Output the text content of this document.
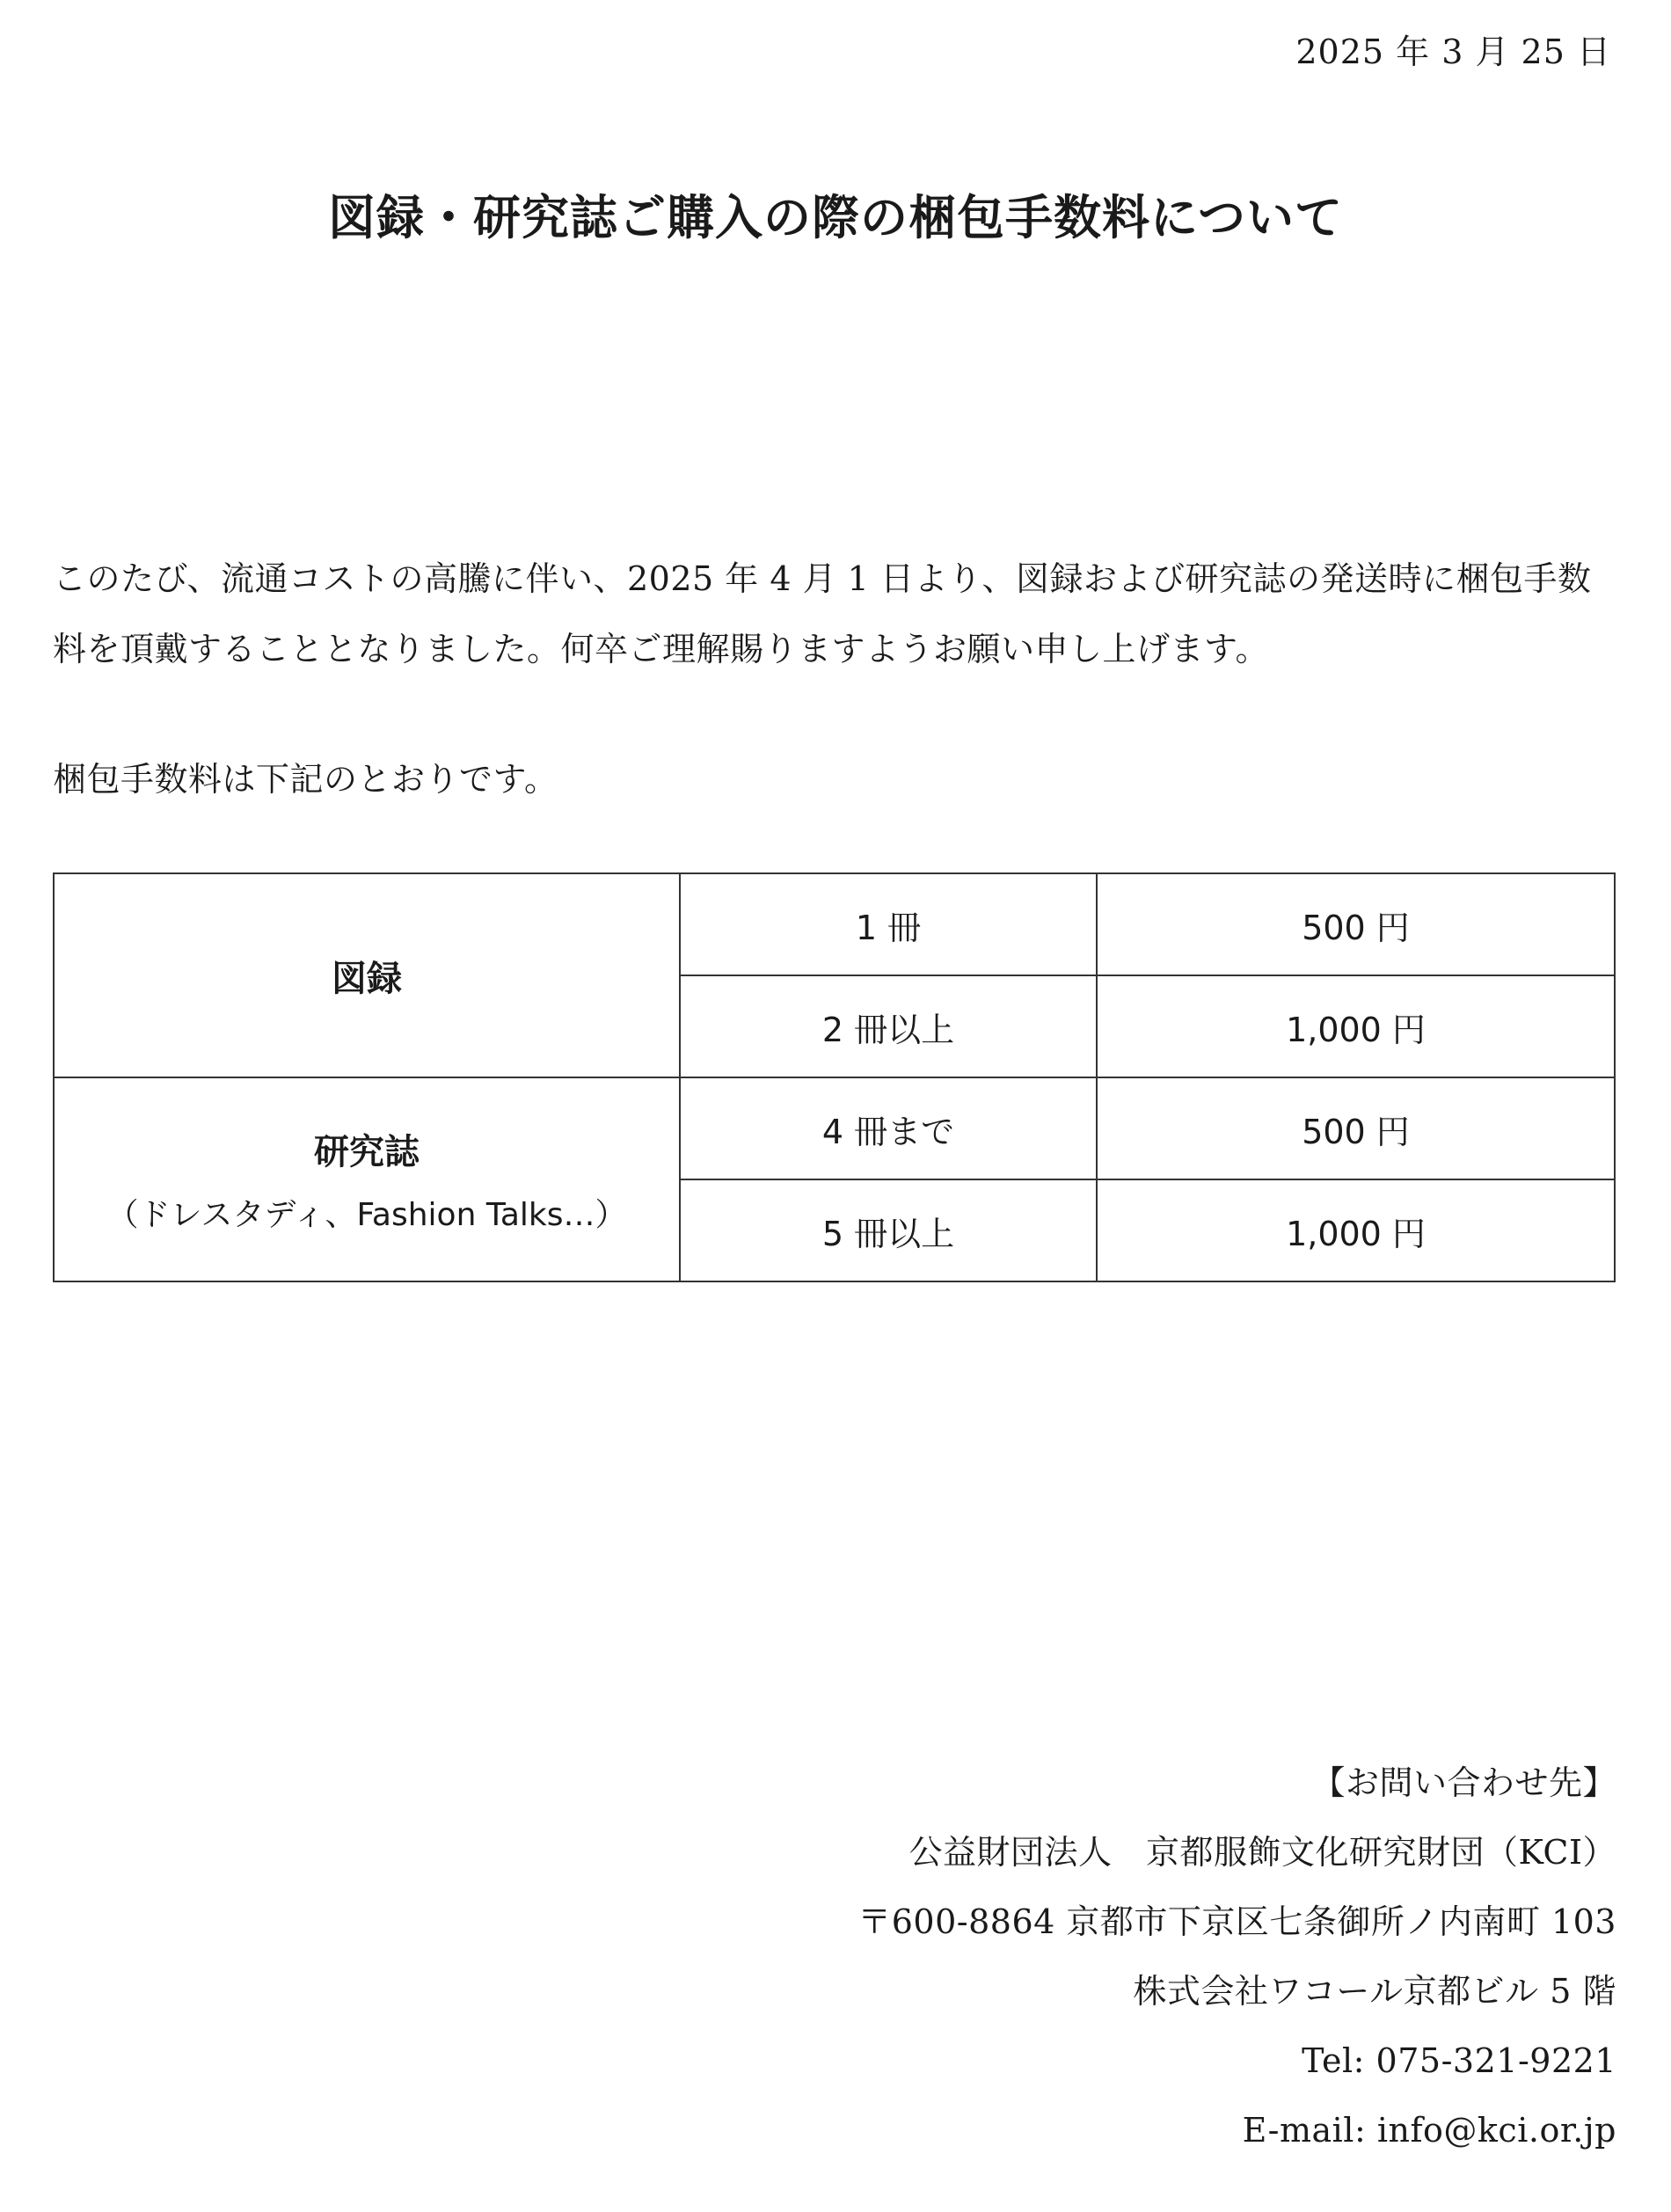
2025 年 3 月 25 日
図録・研究誌ご購入の際の梱包手数料について
このたび、流通コストの高騰に伴い、2025 年 4 月 1 日より、図録および研究誌の発送時に梱包手数料を頂戴することとなりました。何卒ご理解賜りますようお願い申し上げます。
梱包手数料は下記のとおりです。
図録	1 冊	500 円
	2 冊以上	1,000 円

研究誌
（ドレスタディ、Fashion Talks…）	4 冊まで	500 円
	5 冊以上	1,000 円
【お問い合わせ先】
公益財団法人　京都服飾文化研究財団（KCI）
〒600-8864 京都市下京区七条御所ノ内南町 103
株式会社ワコール京都ビル 5 階
Tel: 075-321-9221
E-mail: info@kci.or.jp
